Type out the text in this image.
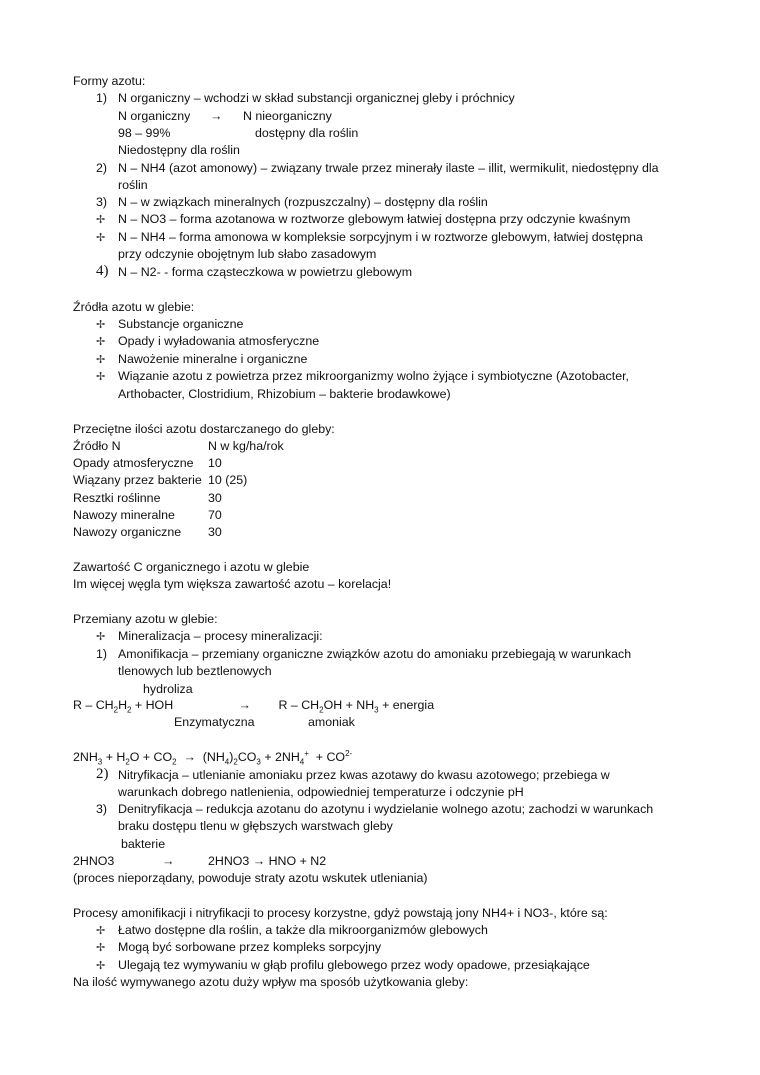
Formy azotu:
1) N organiczny – wchodzi w skład substancji organicznej gleby i próchnicy
N organiczny → N nieorganiczny
98 – 99%	dostępny dla roślin
Niedostępny dla roślin
2) N – NH4 (azot amonowy) – związany trwale przez minerały ilaste – illit, wermikulit, niedostępny dla
roślin
3) N – w związkach mineralnych (rozpuszczalny) – dostępny dla roślin
✢ N – NO3 – forma azotanowa w roztworze glebowym łatwiej dostępna przy odczynie kwaśnym
✢ N – NH4 – forma amonowa w kompleksie sorpcyjnym i w roztworze glebowym, łatwiej dostępna
przy odczynie obojętnym lub słabo zasadowym
4) N – N2- - forma cząsteczkowa w powietrzu glebowym
Źródła azotu w glebie:
✢ Substancje organiczne
✢ Opady i wyładowania atmosferyczne
✢ Nawożenie mineralne i organiczne
✢ Wiązanie azotu z powietrza przez mikroorganizmy wolno żyjące i symbiotyczne (Azotobacter,
Arthobacter, Clostridium, Rhizobium – bakterie brodawkowe)
Przeciętne ilości azotu dostarczanego do gleby:
Źródło N	N w kg/ha/rok
Opady atmosferyczne 10
Wiązany przez bakterie 10 (25)
Resztki roślinne	30
Nawozy mineralne	70
Nawozy organiczne 30
Zawartość C organicznego i azotu w glebie
Im więcej węgla tym większa zawartość azotu – korelacja!
Przemiany azotu w glebie:
✢ Mineralizacja – procesy mineralizacji:
1) Amonifikacja – przemiany organiczne związków azotu do amoniaku przebiegają w warunkach
tlenowych lub beztlenowych
hydroliza
R – $CH_2H_2$ + HOH                   →        $R - CH_2OH + NH_3$ + energia
Enzymatyczna	amoniak
$2NH_3 + H_2O + CO_2 \to (NH_4)_2CO_3 + 2NH_4^+ + CO^{2-}$
2) Nitryfikacja – utlenianie amoniaku przez kwas azotawy do kwasu azotowego; przebiega w
warunkach dobrego natlenienia, odpowiedniej temperaturze i odczynie pH
3) Denitryfikacja – redukcja azotanu do azotynu i wydzielanie wolnego azotu; zachodzi w warunkach
braku dostępu tlenu w głębszych warstwach gleby
bakterie
2HNO3	→	2HNO3 → HNO + N2
(proces nieporządany, powoduje straty azotu wskutek utleniania)
Procesy amonifikacji i nitryfikacji to procesy korzystne, gdyż powstają jony NH4+ i NO3-, które są:
✢ Łatwo dostępne dla roślin, a także dla mikroorganizmów glebowych
✢ Mogą być sorbowane przez kompleks sorpcyjny
✢ Ulegają tez wymywaniu w głąb profilu glebowego przez wody opadowe, przesiąkające
Na ilość wymywanego azotu duży wpływ ma sposób użytkowania gleby:
